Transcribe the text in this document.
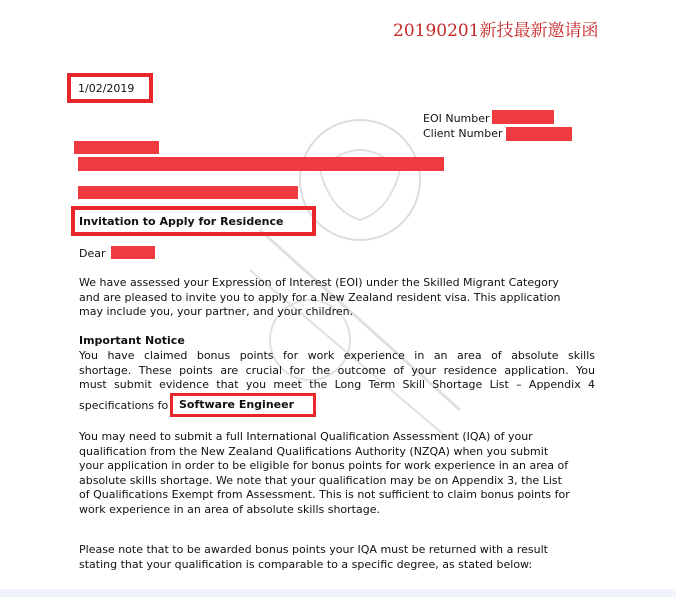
20190201新技最新邀请函
1/02/2019
EOI Number
Client Number
Invitation to Apply for Residence
Dear
We have assessed your Expression of Interest (EOI) under the Skilled Migrant Category
and are pleased to invite you to apply for a New Zealand resident visa. This application
may include you, your partner, and your children.
Important Notice
You have claimed bonus points for work experience in an area of absolute skills
shortage. These points are crucial for the outcome of your residence application. You
must submit evidence that you meet the Long Term Skill Shortage List – Appendix 4
specifications fo Software Engineer
You may need to submit a full International Qualification Assessment (IQA) of your
qualification from the New Zealand Qualifications Authority (NZQA) when you submit
your application in order to be eligible for bonus points for work experience in an area of
absolute skills shortage. We note that your qualification may be on Appendix 3, the List
of Qualifications Exempt from Assessment. This is not sufficient to claim bonus points for
work experience in an area of absolute skills shortage.
Please note that to be awarded bonus points your IQA must be returned with a result
stating that your qualification is comparable to a specific degree, as stated below:
